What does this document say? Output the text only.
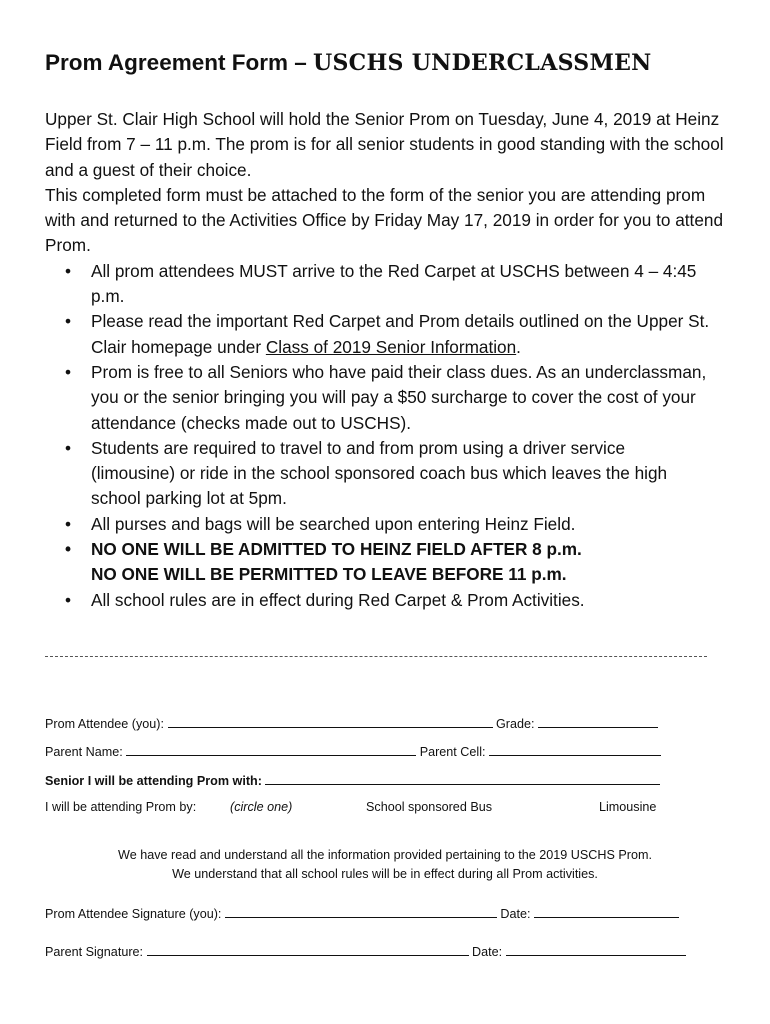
Prom Agreement Form – USCHS UNDERCLASSMEN

Upper St. Clair High School will hold the Senior Prom on Tuesday, June 4, 2019 at Heinz Field from 7 – 11 p.m. The prom is for all senior students in good standing with the school and a guest of their choice.

This completed form must be attached to the form of the senior you are attending prom with and returned to the Activities Office by Friday May 17, 2019 in order for you to attend Prom.

• All prom attendees MUST arrive to the Red Carpet at USCHS between 4 – 4:45 p.m.
• Please read the important Red Carpet and Prom details outlined on the Upper St. Clair homepage under Class of 2019 Senior Information.
• Prom is free to all Seniors who have paid their class dues. As an underclassman, you or the senior bringing you will pay a $50 surcharge to cover the cost of your attendance (checks made out to USCHS).
• Students are required to travel to and from prom using a driver service (limousine) or ride in the school sponsored coach bus which leaves the high school parking lot at 5pm.
• All purses and bags will be searched upon entering Heinz Field.
• NO ONE WILL BE ADMITTED TO HEINZ FIELD AFTER 8 p.m.
NO ONE WILL BE PERMITTED TO LEAVE BEFORE 11 p.m.
• All school rules are in effect during Red Carpet & Prom Activities.
Prom Attendee (you):	Grade:
Parent Name:	Parent Cell:
Senior I will be attending Prom with:
I will be attending Prom by:	(circle one)	School sponsored Bus	Limousine
We have read and understand all the information provided pertaining to the 2019 USCHS Prom.
We understand that all school rules will be in effect during all Prom activities.
Prom Attendee Signature (you):	Date:
Parent Signature:	Date:
